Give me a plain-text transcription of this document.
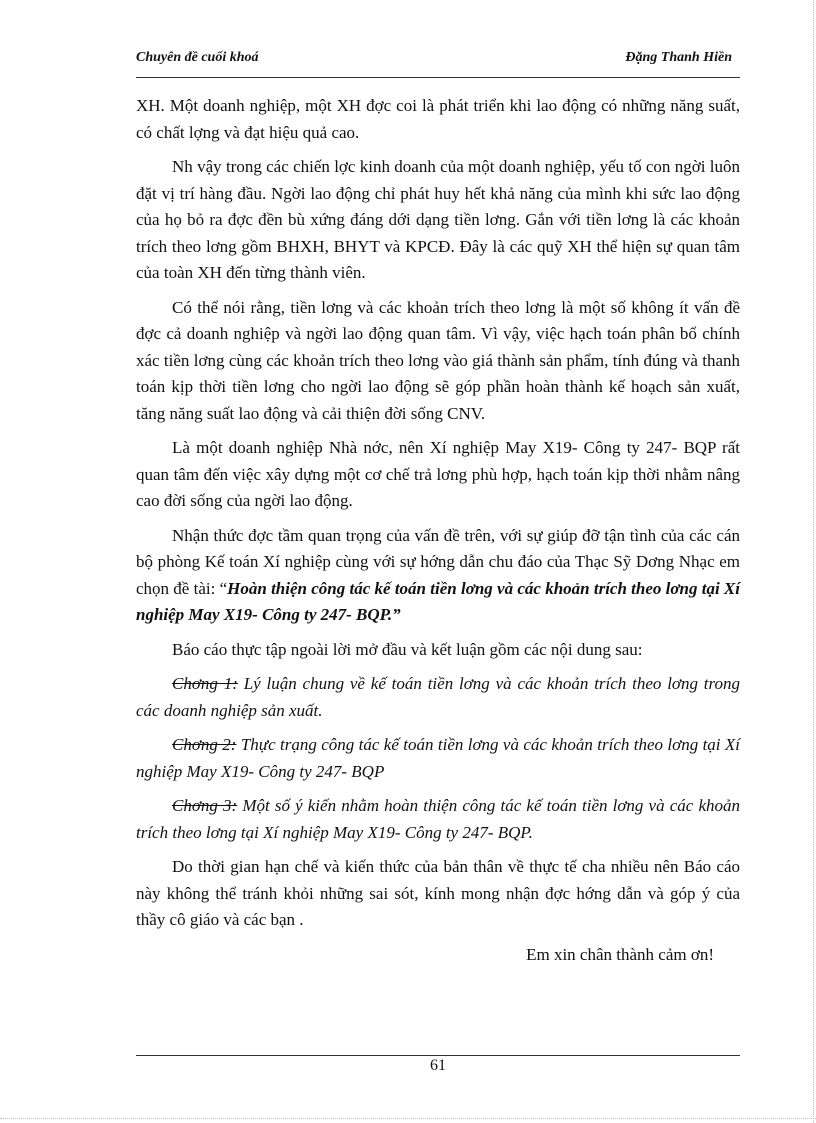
Chuyên đề cuối khoá	Đặng Thanh Hiền

XH. Một doanh nghiệp, một XH đợc coi là phát triển khi lao động có những năng suất, có chất lợng và đạt hiệu quả cao.

Nh vậy trong các chiến lợc kinh doanh của một doanh nghiệp, yếu tố con ngời luôn đặt vị trí hàng đầu. Ngời lao động chỉ phát huy hết khả năng của mình khi sức lao động của họ bỏ ra đợc đền bù xứng đáng dới dạng tiền lơng. Gắn với tiền lơng là các khoản trích theo lơng gồm BHXH, BHYT và KPCĐ. Đây là các quỹ XH thể hiện sự quan tâm của toàn XH đến từng thành viên.

Có thể nói rằng, tiền lơng và các khoản trích theo lơng là một số không ít vấn đề đợc cả doanh nghiệp và ngời lao động quan tâm. Vì vậy, việc hạch toán phân bổ chính xác tiền lơng cùng các khoản trích theo lơng vào giá thành sản phẩm, tính đúng và thanh toán kịp thời tiền lơng cho ngời lao động sẽ góp phần hoàn thành kế hoạch sản xuất, tăng năng suất lao động và cải thiện đời sống CNV.

Là một doanh nghiệp Nhà nớc, nên Xí nghiệp May X19- Công ty 247- BQP rất quan tâm đến việc xây dựng một cơ chế trả lơng phù hợp, hạch toán kịp thời nhằm nâng cao đời sống của ngời lao động.

Nhận thức đợc tầm quan trọng của vấn đề trên, với sự giúp đỡ tận tình của các cán bộ phòng Kế toán Xí nghiệp cùng với sự hớng dẫn chu đáo của Thạc Sỹ Dơng Nhạc em chọn đề tài: “Hoàn thiện công tác kế toán tiền lơng và các khoản trích theo lơng tại Xí nghiệp May X19- Công ty 247- BQP.”

Báo cáo thực tập ngoài lời mở đầu và kết luận gồm các nội dung sau:

Chơng 1: Lý luận chung về kế toán tiền lơng và các khoản trích theo lơng trong các doanh nghiệp sản xuất.

Chơng 2: Thực trạng công tác kế toán tiền lơng và các khoản trích theo lơng tại Xí nghiệp May X19- Công ty 247- BQP

Chơng 3: Một số ý kiến nhằm hoàn thiện công tác kế toán tiền lơng và các khoản trích theo lơng tại Xí nghiệp May X19- Công ty 247- BQP.

Do thời gian hạn chế và kiến thức của bản thân về thực tế cha nhiều nên Báo cáo này không thể tránh khỏi những sai sót, kính mong nhận đợc hớng dẫn và góp ý của thầy cô giáo và các bạn .

Em xin chân thành cảm ơn!

61
